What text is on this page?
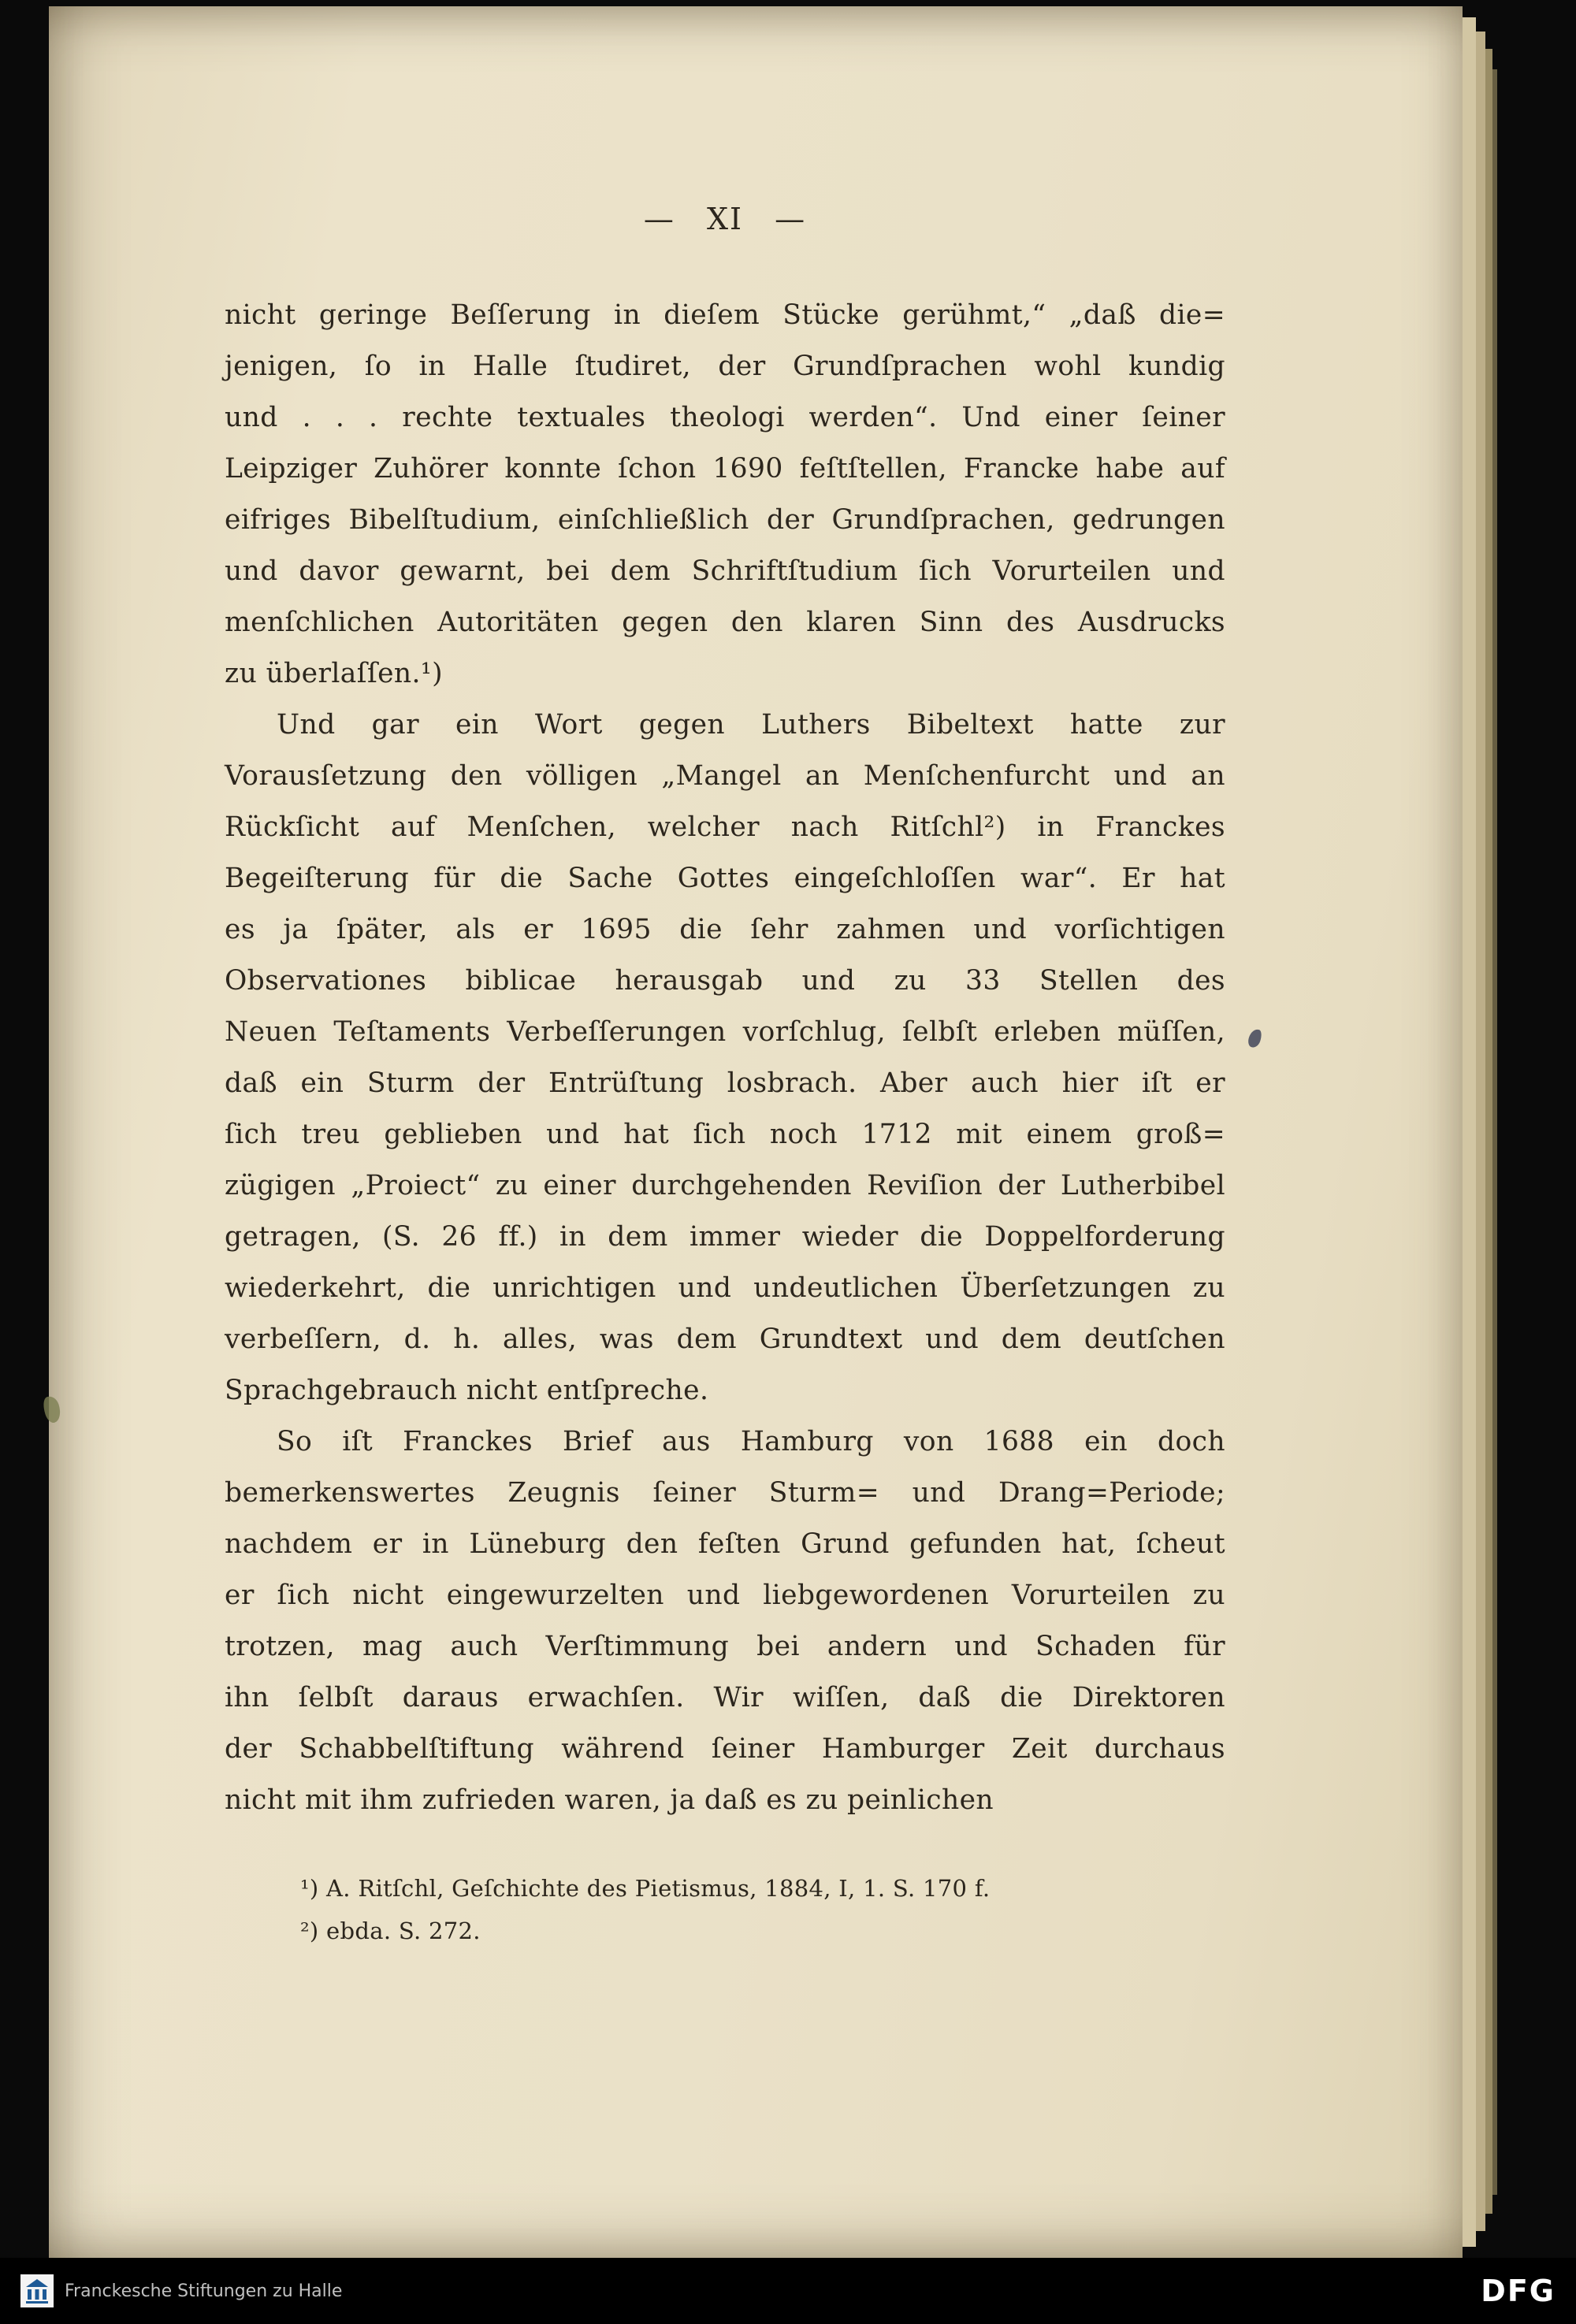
— XI —
nicht geringe Beſſerung in dieſem Stücke gerühmt,“ „daß die=
jenigen, ſo in Halle ſtudiret, der Grundſprachen wohl kundig
und . . . rechte textuales theologi werden“. Und einer ſeiner
Leipziger Zuhörer konnte ſchon 1690 feſtſtellen, Francke habe auf
eifriges Bibelſtudium, einſchließlich der Grundſprachen, gedrungen
und davor gewarnt, bei dem Schriftſtudium ſich Vorurteilen und
menſchlichen Autoritäten gegen den klaren Sinn des Ausdrucks
zu überlaſſen.¹)
Und gar ein Wort gegen Luthers Bibeltext hatte zur
Vorausſetzung den völligen „Mangel an Menſchenfurcht und an
Rückſicht auf Menſchen, welcher nach Ritſchl²) in Franckes
Begeiſterung für die Sache Gottes eingeſchloſſen war“. Er hat
es ja ſpäter, als er 1695 die ſehr zahmen und vorſichtigen
Observationes biblicae herausgab und zu 33 Stellen des
Neuen Teſtaments Verbeſſerungen vorſchlug, ſelbſt erleben müſſen,
daß ein Sturm der Entrüſtung losbrach. Aber auch hier iſt er
ſich treu geblieben und hat ſich noch 1712 mit einem groß=
zügigen „Proiect“ zu einer durchgehenden Reviſion der Lutherbibel
getragen, (S. 26 ff.) in dem immer wieder die Doppelforderung
wiederkehrt, die unrichtigen und undeutlichen Überſetzungen zu
verbeſſern, d. h. alles, was dem Grundtext und dem deutſchen
Sprachgebrauch nicht entſpreche.
So iſt Franckes Brief aus Hamburg von 1688 ein doch
bemerkenswertes Zeugnis ſeiner Sturm= und Drang=Periode;
nachdem er in Lüneburg den feſten Grund gefunden hat, ſcheut
er ſich nicht eingewurzelten und liebgewordenen Vorurteilen zu
trotzen, mag auch Verſtimmung bei andern und Schaden für
ihn ſelbſt daraus erwachſen. Wir wiſſen, daß die Direktoren
der Schabbelſtiftung während ſeiner Hamburger Zeit durchaus
nicht mit ihm zufrieden waren, ja daß es zu peinlichen
¹) A. Ritſchl, Geſchichte des Pietismus, 1884, I, 1. S. 170 f.
²) ebda. S. 272.
Franckesche Stiftungen zu Halle	DFG
